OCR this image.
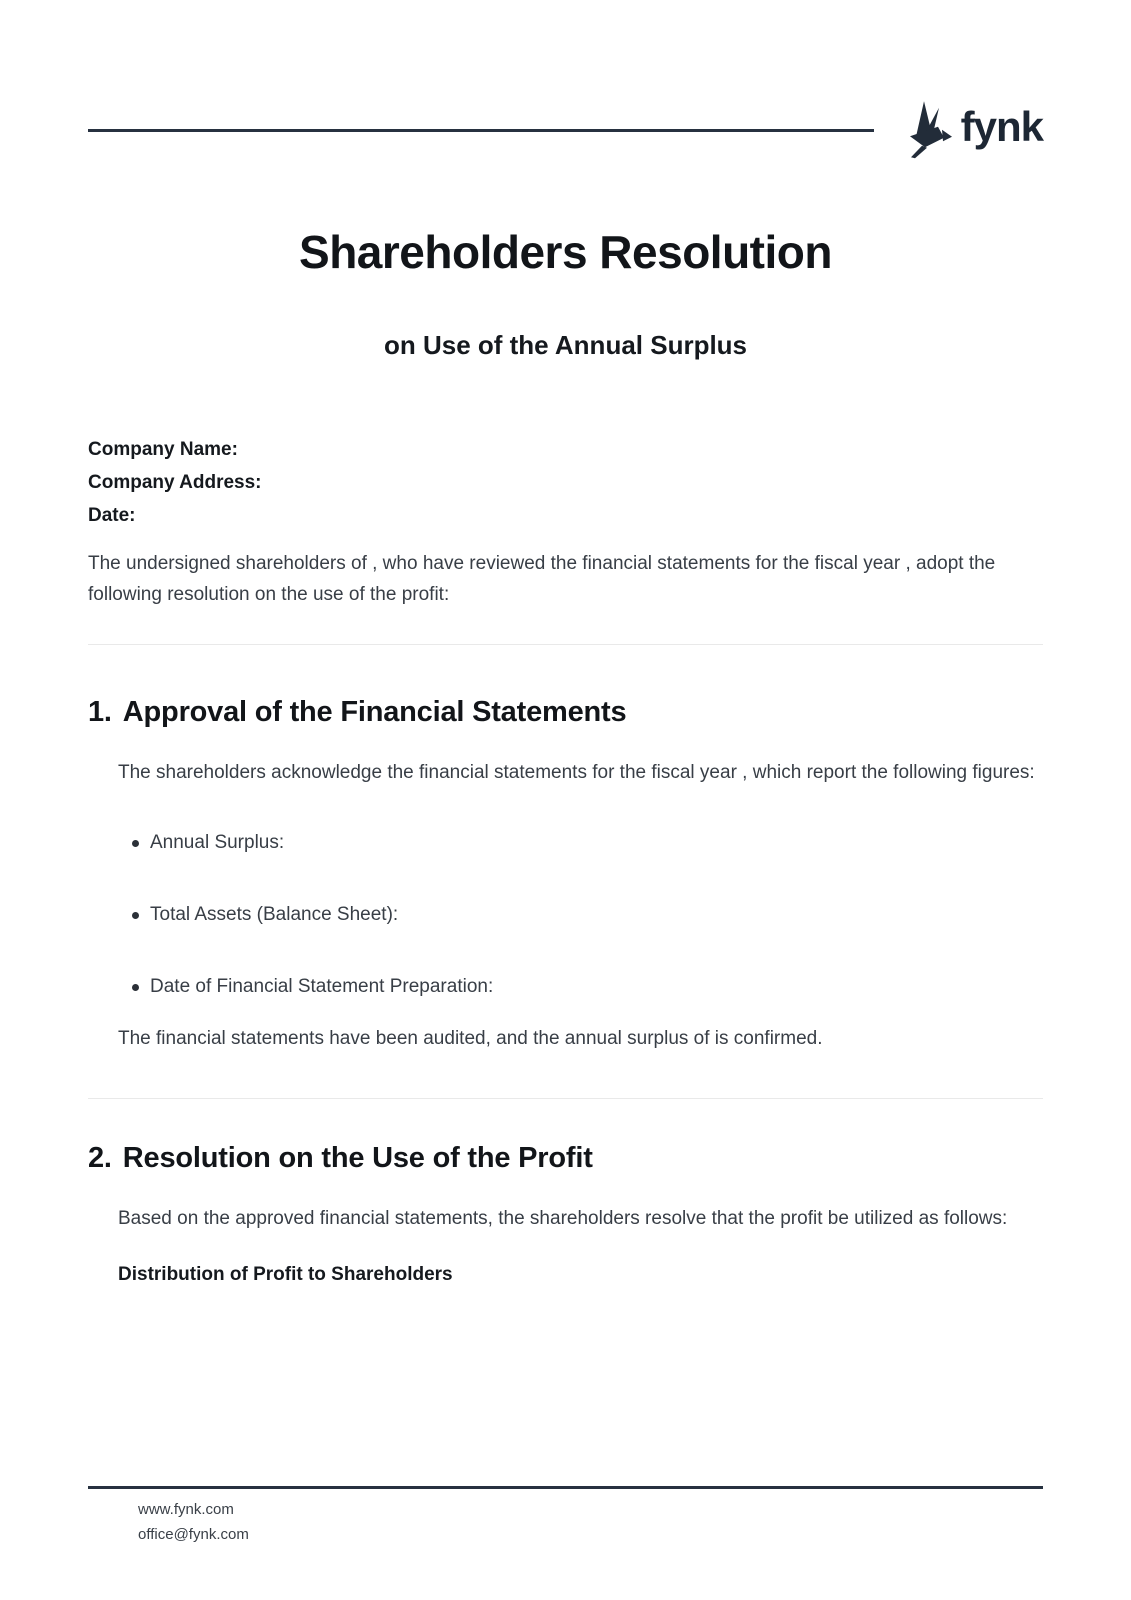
fynk
Shareholders Resolution
on Use of the Annual Surplus

Company Name:

Company Address:

Date:

The undersigned shareholders of , who have reviewed the financial statements for the fiscal year , adopt the following resolution on the use of the profit:

1. Approval of the Financial Statements

The shareholders acknowledge the financial statements for the fiscal year , which report the following figures:

Annual Surplus:
Total Assets (Balance Sheet):
Date of Financial Statement Preparation:

The financial statements have been audited, and the annual surplus of is confirmed.

2. Resolution on the Use of the Profit

Based on the approved financial statements, the shareholders resolve that the profit be utilized as follows:

Distribution of Profit to Shareholders

www.fynk.com
office@fynk.com
